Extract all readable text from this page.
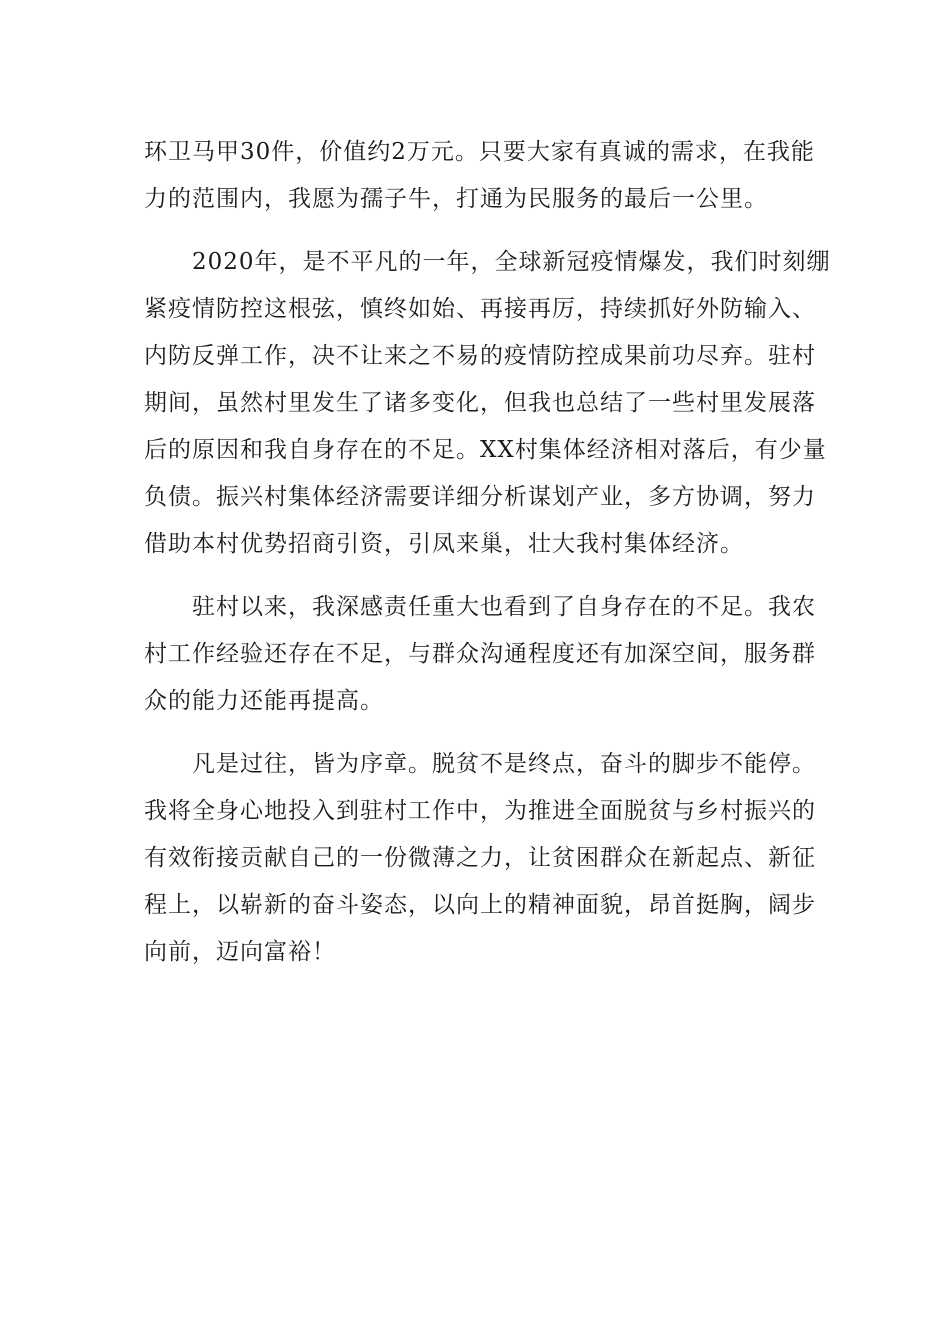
环卫马甲30件，价值约2万元。只要大家有真诚的需求，在我能
力的范围内，我愿为孺子牛，打通为民服务的最后一公里。
　　2020年，是不平凡的一年，全球新冠疫情爆发，我们时刻绷
紧疫情防控这根弦，慎终如始、再接再厉，持续抓好外防输入、
内防反弹工作，决不让来之不易的疫情防控成果前功尽弃。驻村
期间，虽然村里发生了诸多变化，但我也总结了一些村里发展落
后的原因和我自身存在的不足。XX村集体经济相对落后，有少量
负债。振兴村集体经济需要详细分析谋划产业，多方协调，努力
借助本村优势招商引资，引凤来巢，壮大我村集体经济。
　　驻村以来，我深感责任重大也看到了自身存在的不足。我农
村工作经验还存在不足，与群众沟通程度还有加深空间，服务群
众的能力还能再提高。
　　凡是过往，皆为序章。脱贫不是终点，奋斗的脚步不能停。
我将全身心地投入到驻村工作中，为推进全面脱贫与乡村振兴的
有效衔接贡献自己的一份微薄之力，让贫困群众在新起点、新征
程上，以崭新的奋斗姿态，以向上的精神面貌，昂首挺胸，阔步
向前，迈向富裕！
